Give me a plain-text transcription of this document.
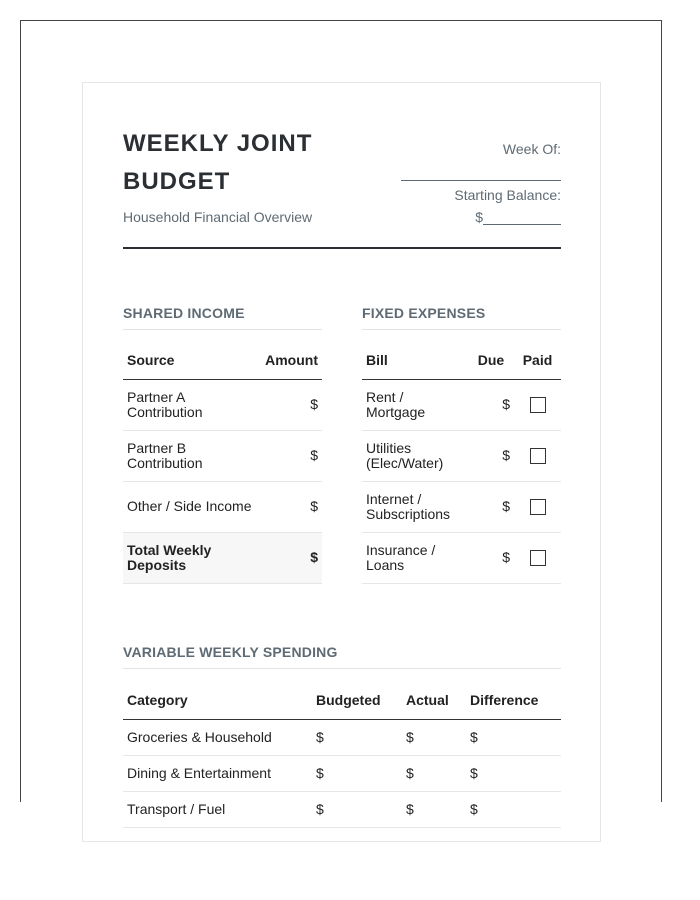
WEEKLY JOINT BUDGET
Household Financial Overview
Week Of:
Starting Balance:
$
SHARED INCOME
Source	Amount
Partner A Contribution	$
Partner B Contribution	$
Other / Side Income	$
Total Weekly Deposits	$
FIXED EXPENSES
Bill	Due	Paid
Rent / Mortgage	$	
Utilities (Elec/Water)	$	
Internet / Subscriptions	$	
Insurance / Loans	$	
VARIABLE WEEKLY SPENDING
Category	Budgeted	Actual	Difference
Groceries & Household	$	$	$
Dining & Entertainment	$	$	$
Transport / Fuel	$	$	$
